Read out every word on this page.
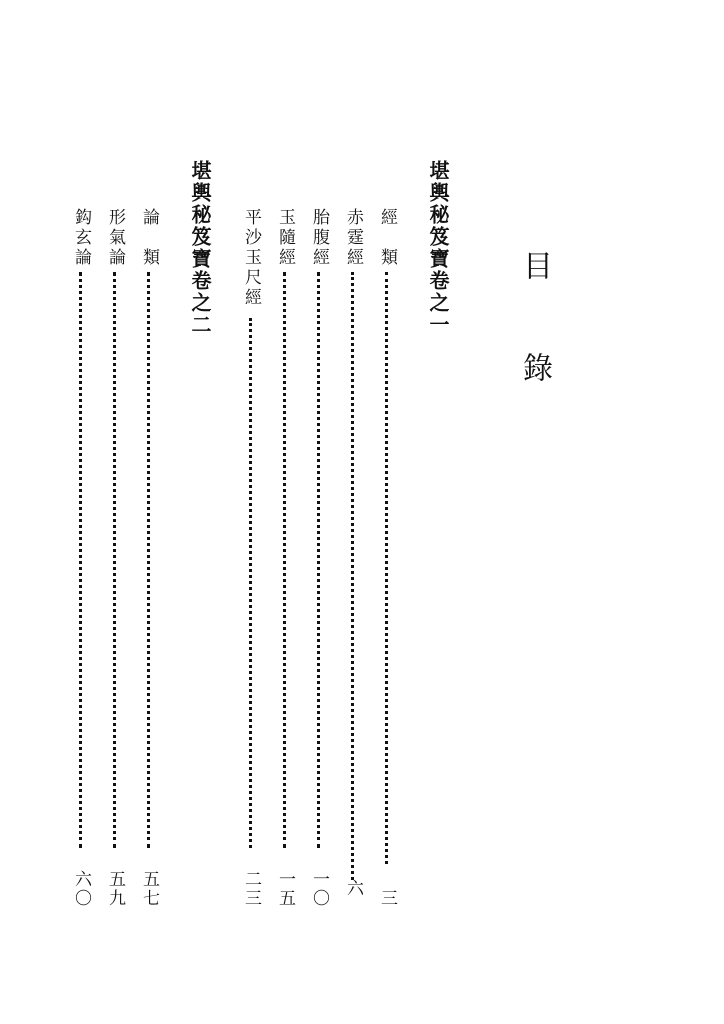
目錄
堪輿秘笈寶卷之一
堪輿秘笈寶卷之二	經　類
三
赤霆經
六
胎腹經
一〇
玉隨經
一五
平沙玉尺經
二三
論　類
五七
形氣論
五九
鈎玄論
六〇
